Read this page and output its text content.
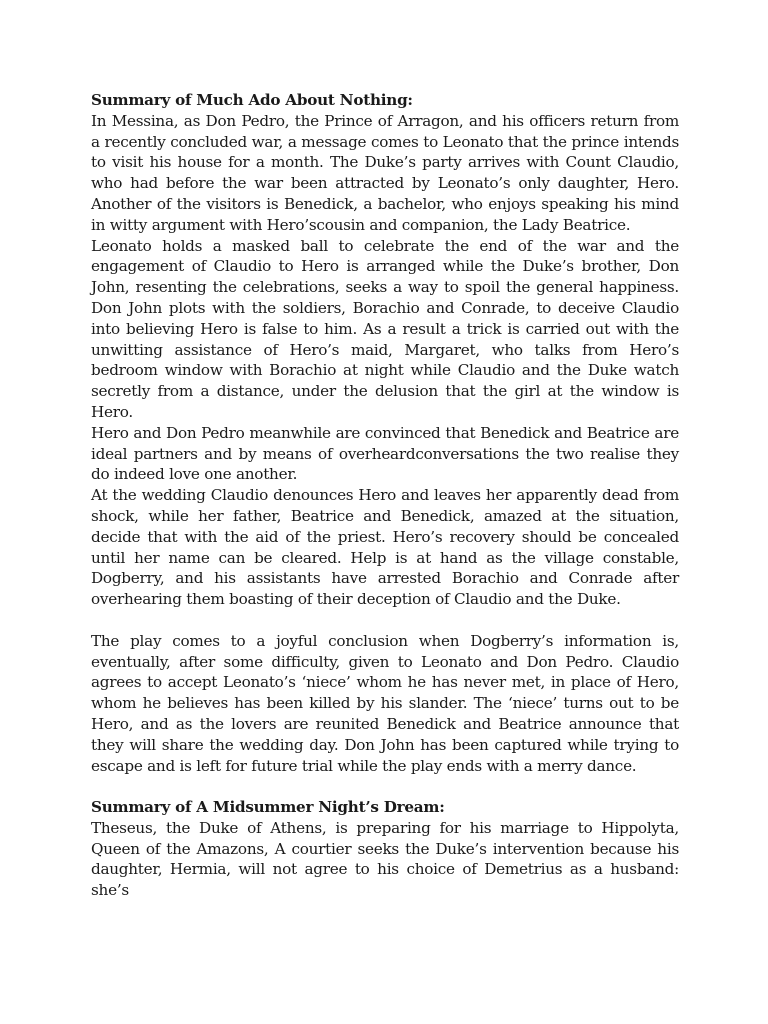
Summary of Much Ado About Nothing:

In Messina, as Don Pedro, the Prince of Arragon, and his officers return from a recently concluded war, a message comes to Leonato that the prince intends to visit his house for a month. The Duke’s party arrives with Count Claudio, who had before the war been attracted by Leonato’s only daughter, Hero. Another of the visitors is Benedick, a bachelor, who enjoys speaking his mind in witty argument with Hero’scousin and companion, the Lady Beatrice.

Leonato holds a masked ball to celebrate the end of the war and the engagement of Claudio to Hero is arranged while the Duke’s brother, Don John, resenting the celebrations, seeks a way to spoil the general happiness. Don John plots with the soldiers, Borachio and Conrade, to deceive Claudio into believing Hero is false to him. As a result a trick is carried out with the unwitting assistance of Hero’s maid, Margaret, who talks from Hero’s bedroom window with Borachio at night while Claudio and the Duke watch secretly from a distance, under the delusion that the girl at the window is Hero.

Hero and Don Pedro meanwhile are convinced that Benedick and Beatrice are ideal partners and by means of overheardconversations the two realise they do indeed love one another.

At the wedding Claudio denounces Hero and leaves her apparently dead from shock, while her father, Beatrice and Benedick, amazed at the situation, decide that with the aid of the priest. Hero’s recovery should be concealed until her name can be cleared. Help is at hand as the village constable, Dogberry, and his assistants have arrested Borachio and Conrade after overhearing them boasting of their deception of Claudio and the Duke.

The play comes to a joyful conclusion when Dogberry’s information is, eventually, after some difficulty, given to Leonato and Don Pedro. Claudio agrees to accept Leonato’s ‘niece’ whom he has never met, in place of Hero, whom he believes has been killed by his slander. The ‘niece’ turns out to be Hero, and as the lovers are reunited Benedick and Beatrice announce that they will share the wedding day. Don John has been captured while trying to escape and is left for future trial while the play ends with a merry dance.

Summary of A Midsummer Night’s Dream:

Theseus, the Duke of Athens, is preparing for his marriage to Hippolyta, Queen of the Amazons, A courtier seeks the Duke’s intervention because his daughter, Hermia, will not agree to his choice of Demetrius as a husband: she’s
